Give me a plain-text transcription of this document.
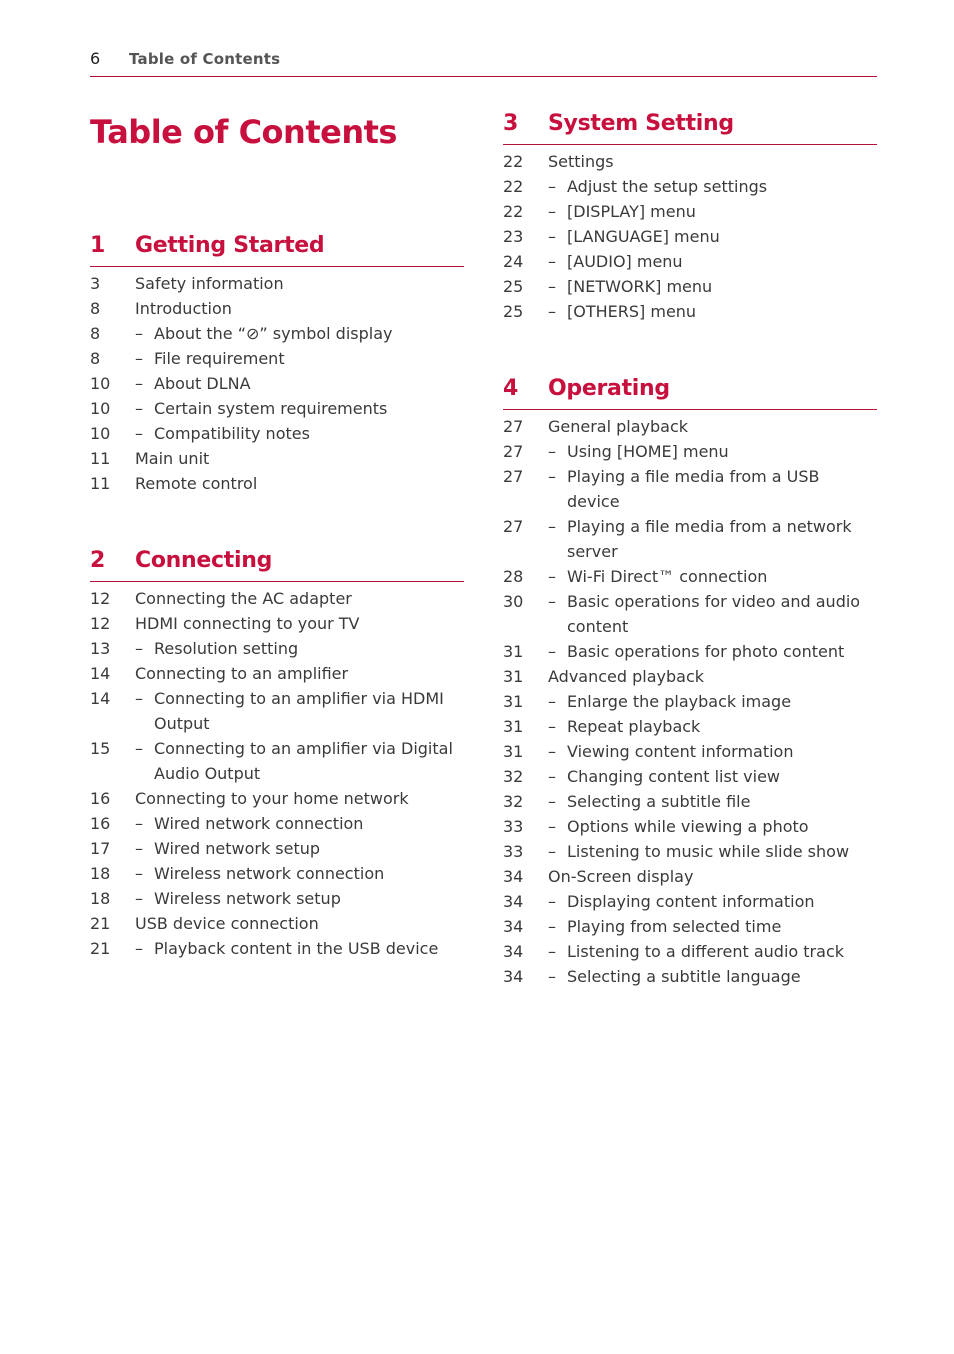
6 Table of Contents
Table of Contents
1 Getting Started
3 Safety information
8 Introduction
8 – About the “⊘” symbol display
8 – File requirement
10 – About DLNA
10 – Certain system requirements
10 – Compatibility notes
11 Main unit
11 Remote control
2 Connecting
12 Connecting the AC adapter
12 HDMI connecting to your TV
13 – Resolution setting
14 Connecting to an amplifier
14 – Connecting to an amplifier via HDMI Output
15 – Connecting to an amplifier via Digital Audio Output
16 Connecting to your home network
16 – Wired network connection
17 – Wired network setup
18 – Wireless network connection
18 – Wireless network setup
21 USB device connection
21 – Playback content in the USB device
3 System Setting
22 Settings
22 – Adjust the setup settings
22 – [DISPLAY] menu
23 – [LANGUAGE] menu
24 – [AUDIO] menu
25 – [NETWORK] menu
25 – [OTHERS] menu
4 Operating
27 General playback
27 – Using [HOME] menu
27 – Playing a file media from a USB device
27 – Playing a file media from a network server
28 – Wi-Fi Direct™ connection
30 – Basic operations for video and audio content
31 – Basic operations for photo content
31 Advanced playback
31 – Enlarge the playback image
31 – Repeat playback
31 – Viewing content information
32 – Changing content list view
32 – Selecting a subtitle file
33 – Options while viewing a photo
33 – Listening to music while slide show
34 On-Screen display
34 – Displaying content information
34 – Playing from selected time
34 – Listening to a different audio track
34 – Selecting a subtitle language
